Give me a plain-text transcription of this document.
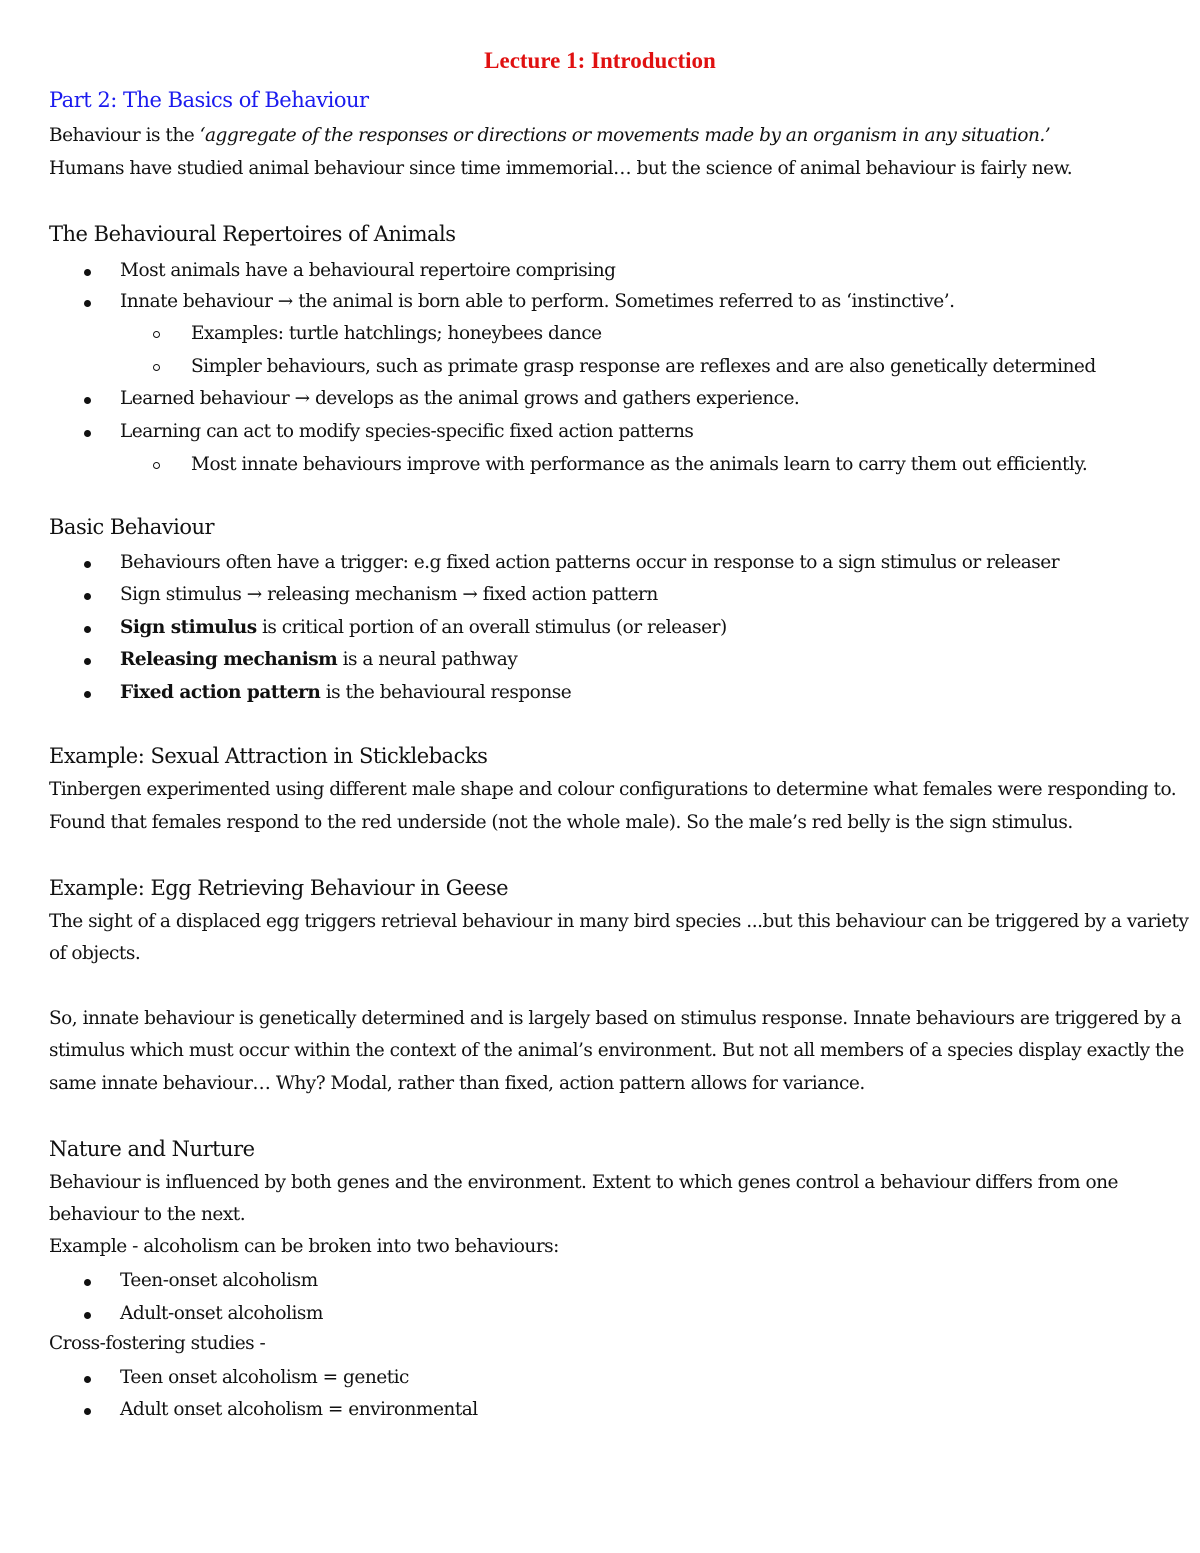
Lecture 1: Introduction
Part 2: The Basics of Behaviour

Behaviour is the ‘aggregate of the responses or directions or movements made by an organism in any situation.’

Humans have studied animal behaviour since time immemorial… but the science of animal behaviour is fairly new.

The Behavioural Repertoires of Animals
Most animals have a behavioural repertoire comprising
Innate behaviour → the animal is born able to perform. Sometimes referred to as ‘instinctive’.
Examples: turtle hatchlings; honeybees dance
Simpler behaviours, such as primate grasp response are reflexes and are also genetically determined
Learned behaviour → develops as the animal grows and gathers experience.
Learning can act to modify species-specific fixed action patterns
Most innate behaviours improve with performance as the animals learn to carry them out efficiently.
Basic Behaviour
Behaviours often have a trigger: e.g fixed action patterns occur in response to a sign stimulus or releaser
Sign stimulus → releasing mechanism → fixed action pattern
Sign stimulus is critical portion of an overall stimulus (or releaser)
Releasing mechanism is a neural pathway
Fixed action pattern is the behavioural response
Example: Sexual Attraction in Sticklebacks

Tinbergen experimented using different male shape and colour configurations to determine what females were responding to.

Found that females respond to the red underside (not the whole male). So the male’s red belly is the sign stimulus.

Example: Egg Retrieving Behaviour in Geese

The sight of a displaced egg triggers retrieval behaviour in many bird species ...but this behaviour can be triggered by a variety

of objects.

So, innate behaviour is genetically determined and is largely based on stimulus response. Innate behaviours are triggered by a

stimulus which must occur within the context of the animal’s environment. But not all members of a species display exactly the

same innate behaviour… Why? Modal, rather than fixed, action pattern allows for variance.

Nature and Nurture

Behaviour is influenced by both genes and the environment. Extent to which genes control a behaviour differs from one

behaviour to the next.

Example - alcoholism can be broken into two behaviours:

Teen-onset alcoholism
Adult-onset alcoholism

Cross-fostering studies -

Teen onset alcoholism = genetic
Adult onset alcoholism = environmental
